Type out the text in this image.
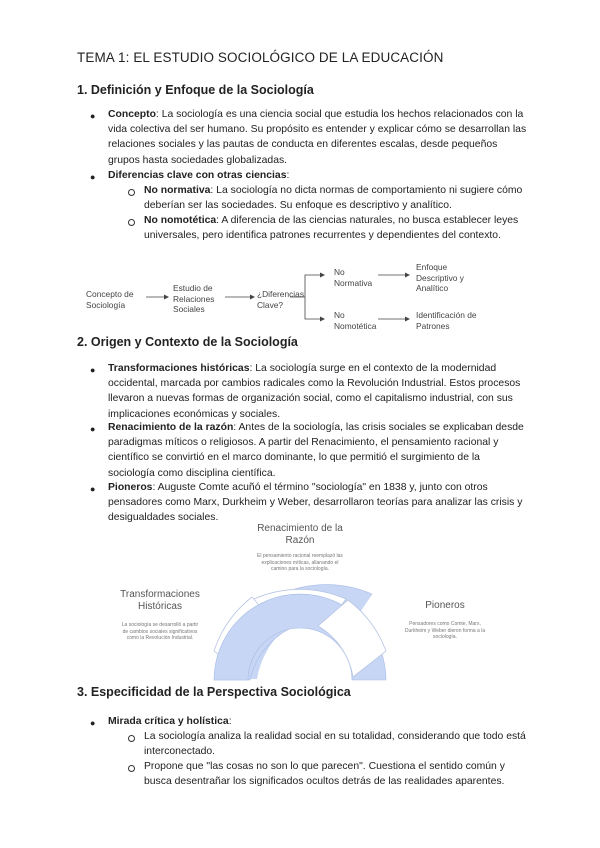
TEMA 1: EL ESTUDIO SOCIOLÓGICO DE LA EDUCACIÓN
1. Definición y Enfoque de la Sociología
● Concepto: La sociología es una ciencia social que estudia los hechos relacionados con la vida colectiva del ser humano. Su propósito es entender y explicar cómo se desarrollan las relaciones sociales y las pautas de conducta en diferentes escalas, desde pequeños grupos hasta sociedades globalizadas.
● Diferencias clave con otras ciencias:
No normativa: La sociología no dicta normas de comportamiento ni sugiere cómo deberían ser las sociedades. Su enfoque es descriptivo y analítico.
No nomotética: A diferencia de las ciencias naturales, no busca establecer leyes universales, pero identifica patrones recurrentes y dependientes del contexto.
Concepto de Sociología
Estudio de Relaciones Sociales
¿Diferencias Clave?
No Normativa
No Nomotética
Enfoque Descriptivo y Analítico
Identificación de Patrones
2. Origen y Contexto de la Sociología
● Transformaciones históricas: La sociología surge en el contexto de la modernidad occidental, marcada por cambios radicales como la Revolución Industrial. Estos procesos llevaron a nuevas formas de organización social, como el capitalismo industrial, con sus implicaciones económicas y sociales.
● Renacimiento de la razón: Antes de la sociología, las crisis sociales se explicaban desde paradigmas míticos o religiosos. A partir del Renacimiento, el pensamiento racional y científico se convirtió en el marco dominante, lo que permitió el surgimiento de la sociología como disciplina científica.
● Pioneros: Auguste Comte acuñó el término "sociología" en 1838 y, junto con otros pensadores como Marx, Durkheim y Weber, desarrollaron teorías para analizar las crisis y desigualdades sociales.
Renacimiento de la Razón
El pensamiento racional reemplazó las explicaciones míticas, allanando el camino para la sociología.
Transformaciones Históricas
La sociología se desarrolló a partir de cambios sociales significativos como la Revolución Industrial.
Pioneros
Pensadores como Comte, Marx, Durkheim y Weber dieron forma a la sociología.
3. Especificidad de la Perspectiva Sociológica
● Mirada crítica y holística:
La sociología analiza la realidad social en su totalidad, considerando que todo está interconectado.
Propone que "las cosas no son lo que parecen". Cuestiona el sentido común y busca desentrañar los significados ocultos detrás de las realidades aparentes.
